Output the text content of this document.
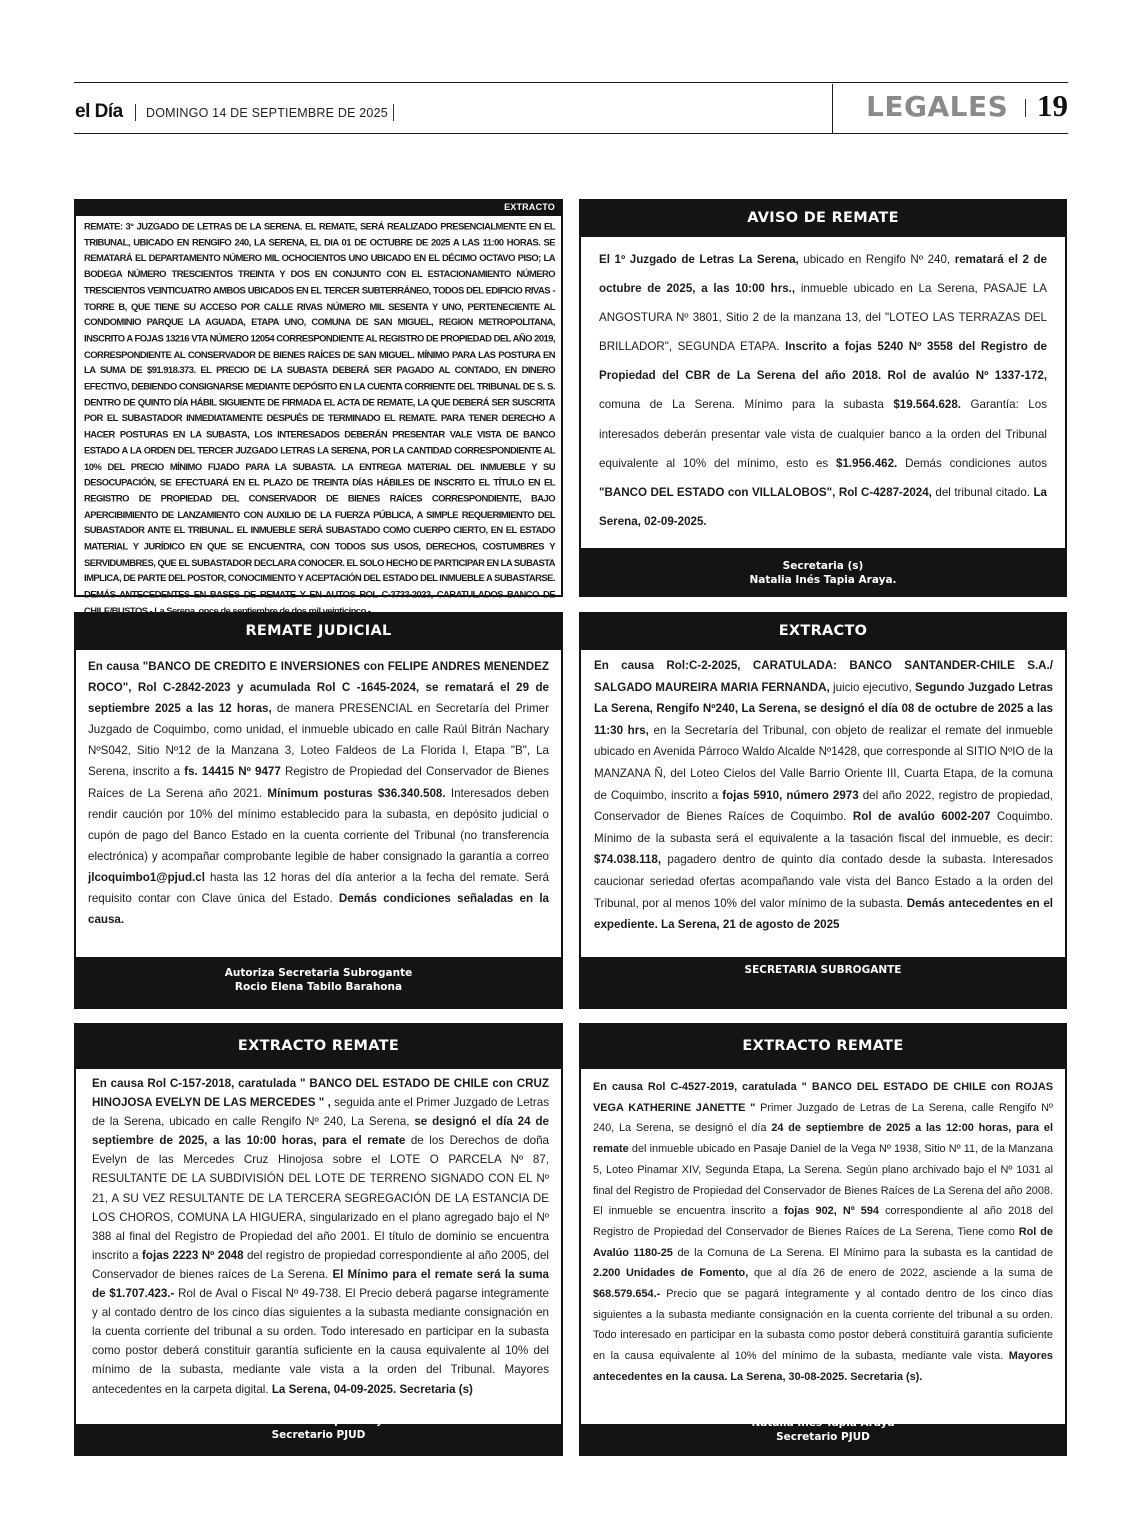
el Día DOMINGO 14 DE SEPTIEMBRE DE 2025	LEGALES 19
EXTRACTO

REMATE: 3° JUZGADO DE LETRAS DE LA SERENA. EL REMATE, SERÁ REALIZADO PRESENCIALMENTE EN EL TRIBUNAL, UBICADO EN RENGIFO 240, LA SERENA, EL DIA 01 DE OCTUBRE DE 2025 A LAS 11:00 HORAS. SE REMATARÁ EL DEPARTAMENTO NÚMERO MIL OCHOCIENTOS UNO UBICADO EN EL DÉCIMO OCTAVO PISO; LA BODEGA NÚMERO TRESCIENTOS TREINTA Y DOS EN CONJUNTO CON EL ESTACIONAMIENTO NÚMERO TRESCIENTOS VEINTICUATRO AMBOS UBICADOS EN EL TERCER SUBTERRÁNEO, TODOS DEL EDIFICIO RIVAS - TORRE B, QUE TIENE SU ACCESO POR CALLE RIVAS NÚMERO MIL SESENTA Y UNO, PERTENECIENTE AL CONDOMINIO PARQUE LA AGUADA, ETAPA UNO, COMUNA DE SAN MIGUEL, REGION METROPOLITANA, INSCRITO A FOJAS 13216 VTA NÚMERO 12054 CORRESPONDIENTE AL REGISTRO DE PROPIEDAD DEL AÑO 2019, CORRESPONDIENTE AL CONSERVADOR DE BIENES RAÍCES DE SAN MIGUEL. MÍNIMO PARA LAS POSTURA EN LA SUMA DE $91.918.373. EL PRECIO DE LA SUBASTA DEBERÁ SER PAGADO AL CONTADO, EN DINERO EFECTIVO, DEBIENDO CONSIGNARSE MEDIANTE DEPÓSITO EN LA CUENTA CORRIENTE DEL TRIBUNAL DE S. S. DENTRO DE QUINTO DÍA HÁBIL SIGUIENTE DE FIRMADA EL ACTA DE REMATE, LA QUE DEBERÁ SER SUSCRITA POR EL SUBASTADOR INMEDIATAMENTE DESPUÉS DE TERMINADO EL REMATE. PARA TENER DERECHO A HACER POSTURAS EN LA SUBASTA, LOS INTERESADOS DEBERÁN PRESENTAR VALE VISTA DE BANCO ESTADO A LA ORDEN DEL TERCER JUZGADO LETRAS LA SERENA, POR LA CANTIDAD CORRESPONDIENTE AL 10% DEL PRECIO MÍNIMO FIJADO PARA LA SUBASTA. LA ENTREGA MATERIAL DEL INMUEBLE Y SU DESOCUPACIÓN, SE EFECTUARÁ EN EL PLAZO DE TREINTA DÍAS HÁBILES DE INSCRITO EL TÍTULO EN EL REGISTRO DE PROPIEDAD DEL CONSERVADOR DE BIENES RAÍCES CORRESPONDIENTE, BAJO APERCIBIMIENTO DE LANZAMIENTO CON AUXILIO DE LA FUERZA PÚBLICA, A SIMPLE REQUERIMIENTO DEL SUBASTADOR ANTE EL TRIBUNAL. EL INMUEBLE SERÁ SUBASTADO COMO CUERPO CIERTO, EN EL ESTADO MATERIAL Y JURÍDICO EN QUE SE ENCUENTRA, CON TODOS SUS USOS, DERECHOS, COSTUMBRES Y SERVIDUMBRES, QUE EL SUBASTADOR DECLARA CONOCER. EL SOLO HECHO DE PARTICIPAR EN LA SUBASTA IMPLICA, DE PARTE DEL POSTOR, CONOCIMIENTO Y ACEPTACIÓN DEL ESTADO DEL INMUEBLE A SUBASTARSE. DEMÁS ANTECEDENTES EN BASES DE REMATE Y EN AUTOS ROL C-3733-2023, CARATULADOS BANCO DE

AVISO DE REMATE

El 1º Juzgado de Letras La Serena, ubicado en Rengifo Nº 240, rematará el 2 de octubre de 2025, a las 10:00 hrs., inmueble ubicado en La Serena, PASAJE LA ANGOSTURA Nº 3801, Sitio 2 de la manzana 13, del "LOTEO LAS TERRAZAS DEL BRILLADOR", SEGUNDA ETAPA. Inscrito a fojas 5240 Nº 3558 del Registro de Propiedad del CBR de La Serena del año 2018. Rol de avalúo Nº 1337-172, comuna de La Serena. Mínimo para la subasta $19.564.628. Garantía: Los interesados deberán presentar vale vista de cualquier banco a la orden del Tribunal equivalente al 10% del mínimo, esto es $1.956.462. Demás condiciones autos "BANCO DEL ESTADO con VILLALOBOS", Rol C-4287-2024, del tribunal citado. La Serena, 02-09-2025.

Secretaria (s)
Natalia Inés Tapia Araya.
REMATE JUDICIAL

En causa "BANCO DE CREDITO E INVERSIONES con FELIPE ANDRES MENENDEZ ROCO", Rol C-2842-2023 y acumulada Rol C -1645-2024, se rematará el 29 de septiembre 2025 a las 12 horas, de manera PRESENCIAL en Secretaría del Primer Juzgado de Coquimbo, como unidad, el inmueble ubicado en calle Raúl Bitrán Nachary NºS042, Sitio Nº12 de la Manzana 3, Loteo Faldeos de La Florida I, Etapa "B", La Serena, inscrito a fs. 14415 Nº 9477 Registro de Propiedad del Conservador de Bienes Raíces de La Serena año 2021. Mínimum posturas $36.340.508. Interesados deben rendir caución por 10% del mínimo establecido para la subasta, en depósito judicial o cupón de pago del Banco Estado en la cuenta corriente del Tribunal (no transferencia electrónica) y acompañar comprobante legible de haber consignado la garantía a correo jlcoquimbo1@pjud.cl hasta las 12 horas del día anterior a la fecha del remate. Será requisito contar con Clave única del Estado. Demás condiciones señaladas en la causa.

Autoriza Secretaria Subrogante
Rocio Elena Tabilo Barahona
EXTRACTO

En causa Rol:C-2-2025, CARATULADA: BANCO SANTANDER-CHILE S.A./ SALGADO MAUREIRA MARIA FERNANDA, juicio ejecutivo, Segundo Juzgado Letras La Serena, Rengifo Nº240, La Serena, se designó el día 08 de octubre de 2025 a las 11:30 hrs, en la Secretaría del Tribunal, con objeto de realizar el remate del inmueble ubicado en Avenida Párroco Waldo Alcalde Nº1428, que corresponde al SITIO NºIO de la MANZANA Ñ, del Loteo Cielos del Valle Barrio Oriente III, Cuarta Etapa, de la comuna de Coquimbo, inscrito a fojas 5910, número 2973 del año 2022, registro de propiedad, Conservador de Bienes Raíces de Coquimbo. Rol de avalúo 6002-207 Coquimbo. Mínimo de la subasta será el equivalente a la tasación fiscal del inmueble, es decir: $74.038.118, pagadero dentro de quinto día contado desde la subasta. Interesados caucionar seriedad ofertas acompañando vale vista del Banco Estado a la orden del Tribunal, por al menos 10% del valor mínimo de la subasta. Demás antecedentes en el expediente. La Serena, 21 de agosto de 2025

SECRETARIA SUBROGANTE
EXTRACTO REMATE

En causa Rol C-157-2018, caratulada " BANCO DEL ESTADO DE CHILE con CRUZ HINOJOSA EVELYN DE LAS MERCEDES " , seguida ante el Primer Juzgado de Letras de la Serena, ubicado en calle Rengifo Nº 240, La Serena, se designó el día 24 de septiembre de 2025, a las 10:00 horas, para el remate de los Derechos de doña Evelyn de las Mercedes Cruz Hinojosa sobre el LOTE O PARCELA Nº 87, RESULTANTE DE LA SUBDIVISIÓN DEL LOTE DE TERRENO SIGNADO CON EL Nº 21, A SU VEZ RESULTANTE DE LA TERCERA SEGREGACIÓN DE LA ESTANCIA DE LOS CHOROS, COMUNA LA HIGUERA, singularizado en el plano agregado bajo el Nº 388 al final del Registro de Propiedad del año 2001. El título de dominio se encuentra inscrito a fojas 2223 Nº 2048 del registro de propiedad correspondiente al año 2005, del Conservador de bienes raíces de La Serena. El Mínimo para el remate será la suma de $1.707.423.- Rol de Aval o Fiscal Nº 49-738. El Precio deberá pagarse integramente y al contado dentro de los cinco días siguientes a la subasta mediante consignación en la cuenta corriente del tribunal a su orden. Todo interesado en participar en la subasta como postor deberá constituir garantía suficiente en la causa equivalente al 10% del mínimo de la subasta, mediante vale vista a la orden del Tribunal. Mayores antecedentes en la carpeta digital. La Serena, 04-09-2025. Secretaria (s)

Natalia Inés Tapia Araya
Secretario PJUD
EXTRACTO REMATE

En causa Rol C-4527-2019, caratulada " BANCO DEL ESTADO DE CHILE con ROJAS VEGA KATHERINE JANETTE " Primer Juzgado de Letras de La Serena, calle Rengifo Nº 240, La Serena, se designó el día 24 de septiembre de 2025 a las 12:00 horas, para el remate del inmueble ubicado en Pasaje Daniel de la Vega Nº 1938, Sitio Nº 11, de la Manzana 5, Loteo Pinamar XIV, Segunda Etapa, La Serena. Según plano archivado bajo el Nº 1031 al final del Registro de Propiedad del Conservador de Bienes Raíces de La Serena del año 2008. El inmueble se encuentra inscrito a fojas 902, Nº 594 correspondiente al año 2018 del Registro de Propiedad del Conservador de Bienes Raíces de La Serena, Tiene como Rol de Avalúo 1180-25 de la Comuna de La Serena. El Mínimo para la subasta es la cantidad de 2.200 Unidades de Fomento, que al día 26 de enero de 2022, asciende a la suma de $68.579.654.- Precio que se pagará íntegramente y al contado dentro de los cinco días siguientes a la subasta mediante consignación en la cuenta corriente del tribunal a su orden. Todo interesado en participar en la subasta como postor deberá constituirá garantía suficiente en la causa equivalente al 10% del mínimo de la subasta, mediante vale vista. Mayores antecedentes en la causa. La Serena, 30-08-2025. Secretaria (s).

Natalia Inés Tapia Araya
Secretario PJUD
